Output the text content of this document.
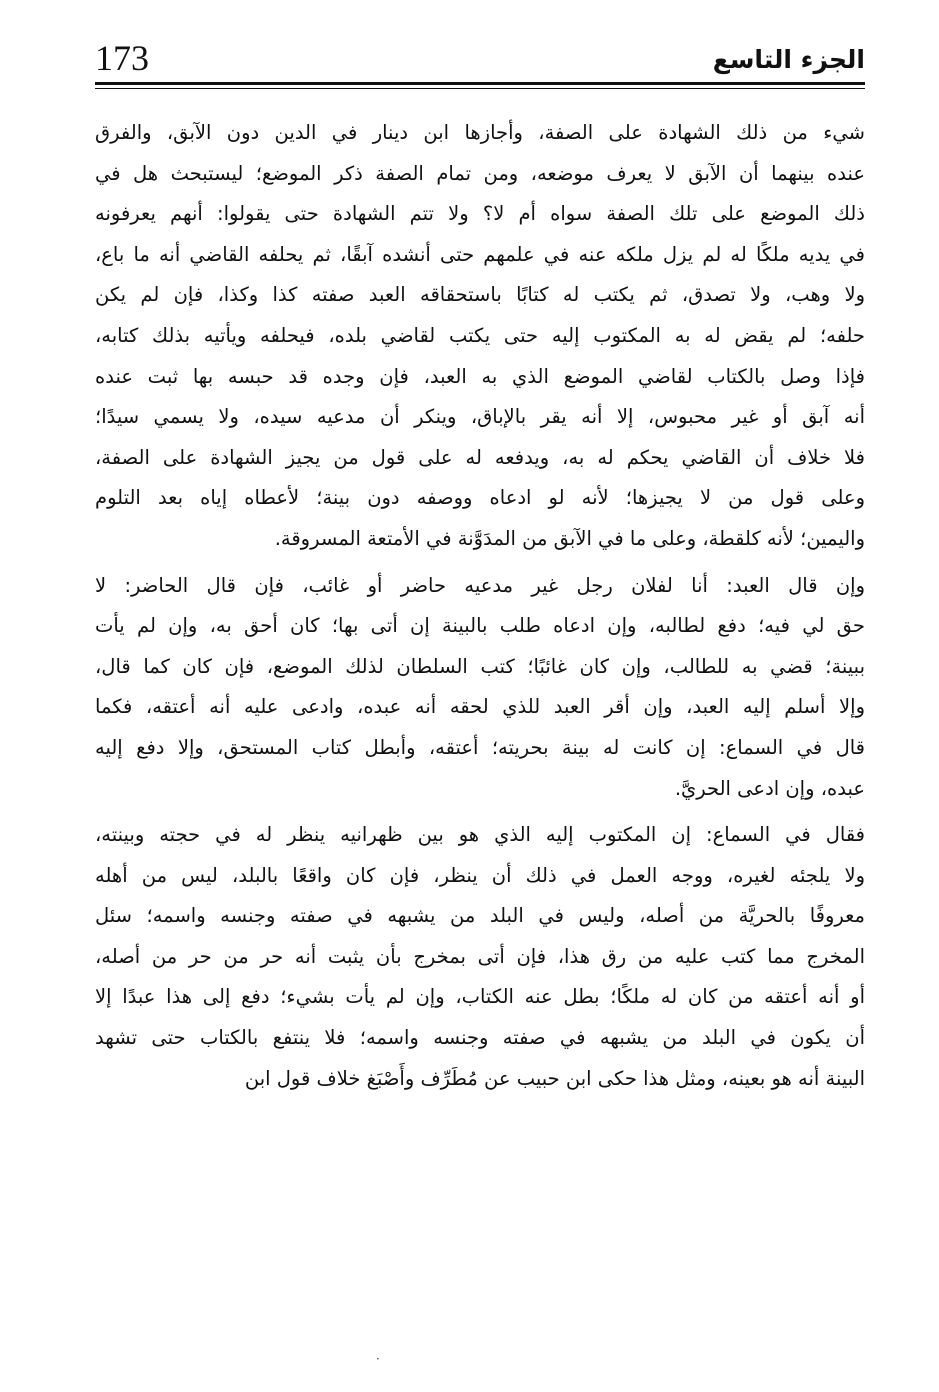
173	الجزء التاسع
شيء من ذلك الشهادة على الصفة، وأجازها ابن دينار في الدين دون الآبق، والفرق
عنده بينهما أن الآبق لا يعرف موضعه، ومن تمام الصفة ذكر الموضع؛ ليستبحث هل في
ذلك الموضع على تلك الصفة سواه أم لا؟ ولا تتم الشهادة حتى يقولوا: أنهم يعرفونه
في يديه ملكًا له لم يزل ملكه عنه في علمهم حتى أنشده آبقًا، ثم يحلفه القاضي أنه ما باع،
ولا وهب، ولا تصدق، ثم يكتب له كتابًا باستحقاقه العبد صفته كذا وكذا، فإن لم يكن
حلفه؛ لم يقض له به المكتوب إليه حتى يكتب لقاضي بلده، فيحلفه ويأتيه بذلك كتابه،
فإذا وصل بالكتاب لقاضي الموضع الذي به العبد، فإن وجده قد حبسه بها ثبت عنده
أنه آبق أو غير محبوس، إلا أنه يقر بالإباق، وينكر أن مدعيه سيده، ولا يسمي سيدًا؛
فلا خلاف أن القاضي يحكم له به، ويدفعه له على قول من يجيز الشهادة على الصفة،
وعلى قول من لا يجيزها؛ لأنه لو ادعاه ووصفه دون بينة؛ لأعطاه إياه بعد التلوم
واليمين؛ لأنه كلقطة، وعلى ما في الآبق من المدَوَّنة في الأمتعة المسروقة.
وإن قال العبد: أنا لفلان رجل غير مدعيه حاضر أو غائب، فإن قال الحاضر: لا
حق لي فيه؛ دفع لطالبه، وإن ادعاه طلب بالبينة إن أتى بها؛ كان أحق به، وإن لم يأت
ببينة؛ قضي به للطالب، وإن كان غائبًا؛ كتب السلطان لذلك الموضع، فإن كان كما قال،
وإلا أسلم إليه العبد، وإن أقر العبد للذي لحقه أنه عبده، وادعى عليه أنه أعتقه، فكما
قال في السماع: إن كانت له بينة بحريته؛ أعتقه، وأبطل كتاب المستحق، وإلا دفع إليه
عبده، وإن ادعى الحريَّ.
فقال في السماع: إن المكتوب إليه الذي هو بين ظهرانيه ينظر له في حجته وبينته،
ولا يلجئه لغيره، ووجه العمل في ذلك أن ينظر، فإن كان واقعًا بالبلد، ليس من أهله
معروفًا بالحريَّة من أصله، وليس في البلد من يشبهه في صفته وجنسه واسمه؛ سئل
المخرج مما كتب عليه من رق هذا، فإن أتى بمخرج بأن يثبت أنه حر من حر من أصله،
أو أنه أعتقه من كان له ملكًا؛ بطل عنه الكتاب، وإن لم يأت بشيء؛ دفع إلى هذا عبدًا إلا
أن يكون في البلد من يشبهه في صفته وجنسه واسمه؛ فلا ينتفع بالكتاب حتى تشهد
البينة أنه هو بعينه، ومثل هذا حكى ابن حبيب عن مُطَرِّف وأَصْبَغ خلاف قول ابن
·
